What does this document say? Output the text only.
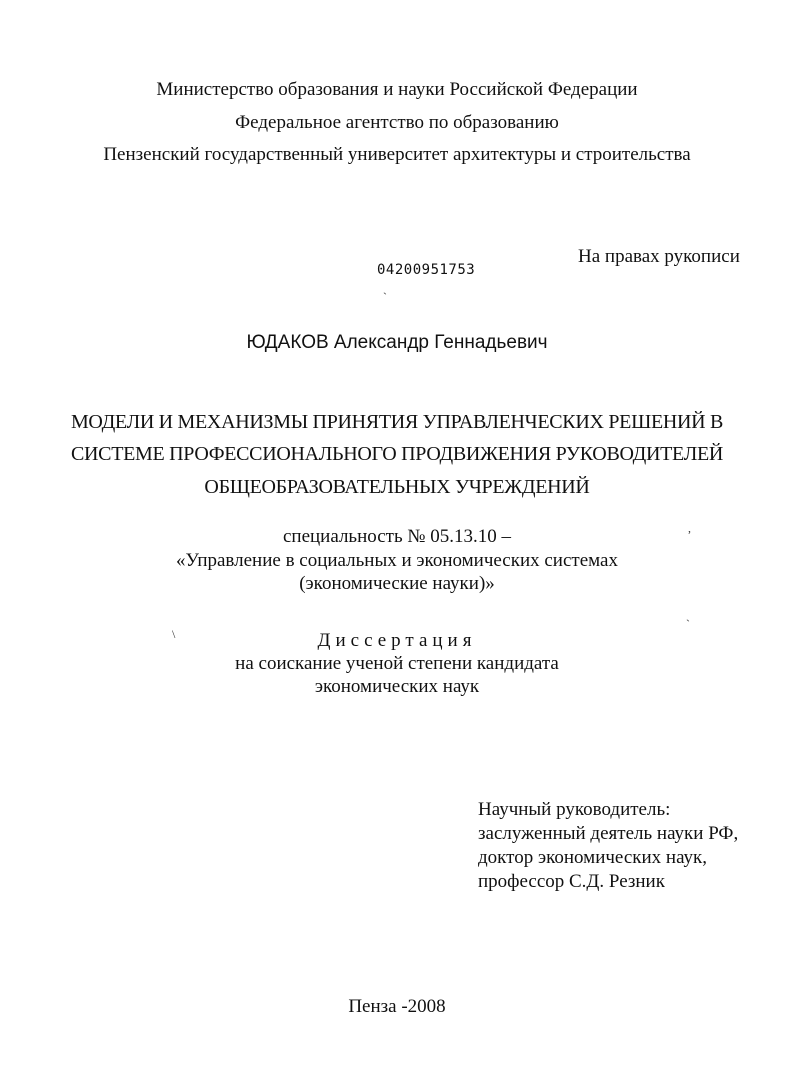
Министерство образования и науки Российской Федерации
Федеральное агентство по образованию
Пензенский государственный университет архитектуры и строительства
На правах рукописи
04200951753
ЮДАКОВ Александр Геннадьевич
МОДЕЛИ И МЕХАНИЗМЫ ПРИНЯТИЯ УПРАВЛЕНЧЕСКИХ РЕШЕНИЙ В
СИСТЕМЕ ПРОФЕССИОНАЛЬНОГО ПРОДВИЖЕНИЯ РУКОВОДИТЕЛЕЙ
ОБЩЕОБРАЗОВАТЕЛЬНЫХ УЧРЕЖДЕНИЙ
специальность № 05.13.10 –
«Управление в социальных и экономических системах
(экономические науки)»
Диссертация
на соискание ученой степени кандидата
экономических наук
Научный руководитель:
заслуженный деятель науки РФ,
доктор экономических наук,
профессор С.Д. Резник
Пенза -2008
\
,
`
`
